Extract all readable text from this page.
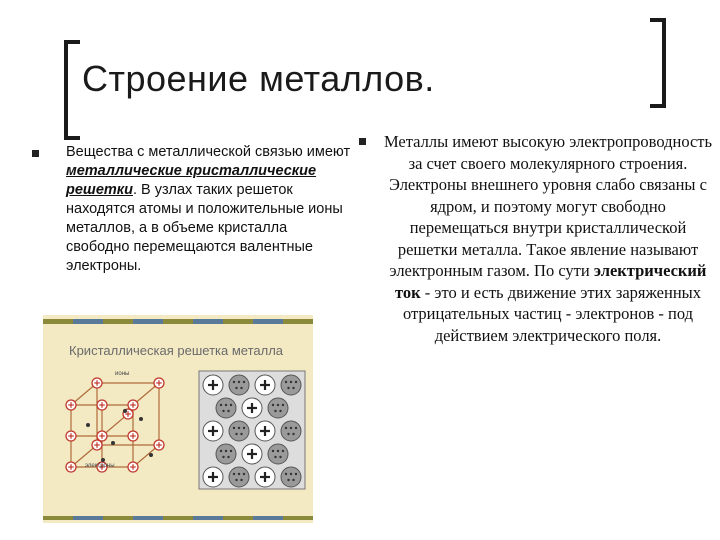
Строение металлов.
Вещества с металлической связью имеют металлические кристаллические решетки. В узлах таких решеток находятся атомы и положительные ионы металлов, а в объеме кристалла свободно перемещаются валентные электроны.
Металлы имеют высокую электропроводность за счет своего молекулярного строения. Электроны внешнего уровня слабо связаны с ядром, и поэтому могут свободно перемещаться внутри кристаллической решетки металла. Такое явление называют электронным газом. По сути электрический ток - это и есть движение этих заряженных отрицательных частиц - электронов - под действием электрического поля.
Кристаллическая решетка металла
ионы
электроны
